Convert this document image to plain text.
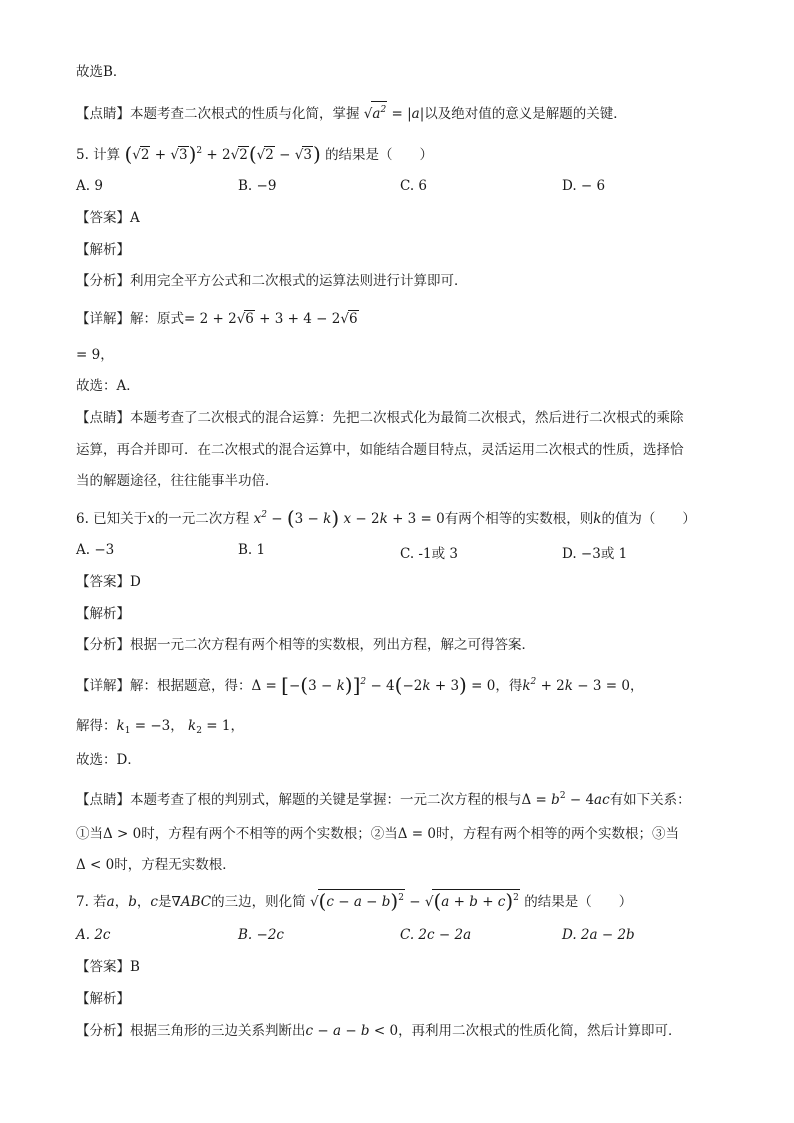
故选B．
【点睛】本题考查二次根式的性质与化简，掌握 $√a^2 = |a|$以及绝对值的意义是解题的关键．
5. 计算 $(√2 + √3)^2 + 2√2(√2 - √3)$ 的结果是（　　）
A. 9	B. −9	C. 6	D. − 6
【答案】A
【解析】
【分析】利用完全平方公式和二次根式的运算法则进行计算即可．
【详解】解：原式= 2 + 2√6 + 3 + 4 − 2√6
= 9，
故选：A．
【点睛】本题考查了二次根式的混合运算：先把二次根式化为最简二次根式，然后进行二次根式的乘除
运算，再合并即可．在二次根式的混合运算中，如能结合题目特点，灵活运用二次根式的性质，选择恰
当的解题途径，往往能事半功倍．
6. 已知关于x的一元二次方程 $x^2 - (3 - k) x - 2k + 3 = 0$有两个相等的实数根，则k的值为（　　）
A. −3	B. 1	C. -1或 3	D. −3或 1
【答案】D
【解析】
【分析】根据一元二次方程有两个相等的实数根，列出方程，解之可得答案．
【详解】解：根据题意，得：$\Delta = [-(3 - k)]^2 - 4(-2k + 3) = 0$，得$k^2 + 2k - 3 = 0$，
解得：$k_1 = -3$， $k_2 = 1$，
故选：D．
【点睛】本题考查了根的判别式，解题的关键是掌握：一元二次方程的根与$\Delta = b^2 - 4ac$有如下关系：
①当Δ > 0时，方程有两个不相等的两个实数根；②当Δ = 0时，方程有两个相等的两个实数根；③当
Δ < 0时，方程无实数根．
7. 若a，b，c是∇ABC的三边，则化简 $√(c - a - b)^2 - √(a + b + c)^2$ 的结果是（　　）
A. 2c	B. −2c	C. 2c − 2a	D. 2a − 2b
【答案】B
【解析】
【分析】根据三角形的三边关系判断出c − a − b < 0，再利用二次根式的性质化简，然后计算即可．
